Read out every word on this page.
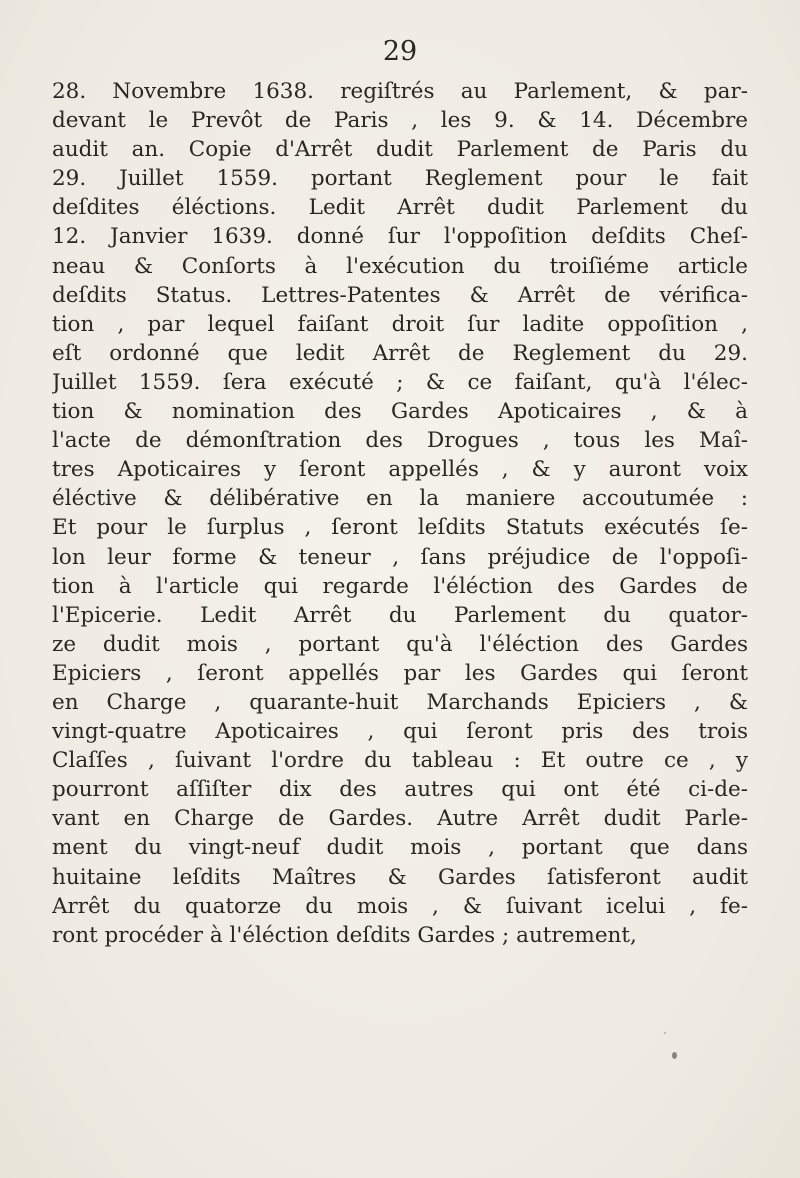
29
28. Novembre 1638. regiſtrés au Parlement, & par-
devant le Prevôt de Paris , les 9. & 14. Décembre
audit an. Copie d'Arrêt dudit Parlement de Paris du
29. Juillet 1559. portant Reglement pour le fait
deſdites éléctions. Ledit Arrêt dudit Parlement du
12. Janvier 1639. donné ſur l'oppoſition deſdits Cheſ-
neau & Conſorts à l'exécution du troiſiéme article
deſdits Status. Lettres-Patentes & Arrêt de vérifica-
tion , par lequel faiſant droit ſur ladite oppoſition ,
eſt ordonné que ledit Arrêt de Reglement du 29.
Juillet 1559. ſera exécuté ; & ce faiſant, qu'à l'élec-
tion & nomination des Gardes Apoticaires , & à
l'acte de démonſtration des Drogues , tous les Maî-
tres Apoticaires y ſeront appellés , & y auront voix
éléctive & délibérative en la maniere accoutumée :
Et pour le ſurplus , ſeront leſdits Statuts exécutés ſe-
lon leur forme & teneur , ſans préjudice de l'oppoſi-
tion à l'article qui regarde l'éléction des Gardes de
l'Epicerie. Ledit Arrêt du Parlement du quator-
ze dudit mois , portant qu'à l'éléction des Gardes
Epiciers , ſeront appellés par les Gardes qui ſeront
en Charge , quarante-huit Marchands Epiciers , &
vingt-quatre Apoticaires , qui ſeront pris des trois
Claſſes , ſuivant l'ordre du tableau : Et outre ce , y
pourront aſſiſter dix des autres qui ont été ci-de-
vant en Charge de Gardes. Autre Arrêt dudit Parle-
ment du vingt-neuf dudit mois , portant que dans
huitaine leſdits Maîtres & Gardes ſatisferont audit
Arrêt du quatorze du mois , & ſuivant icelui , fe-
ront procéder à l'éléction deſdits Gardes ; autrement,
